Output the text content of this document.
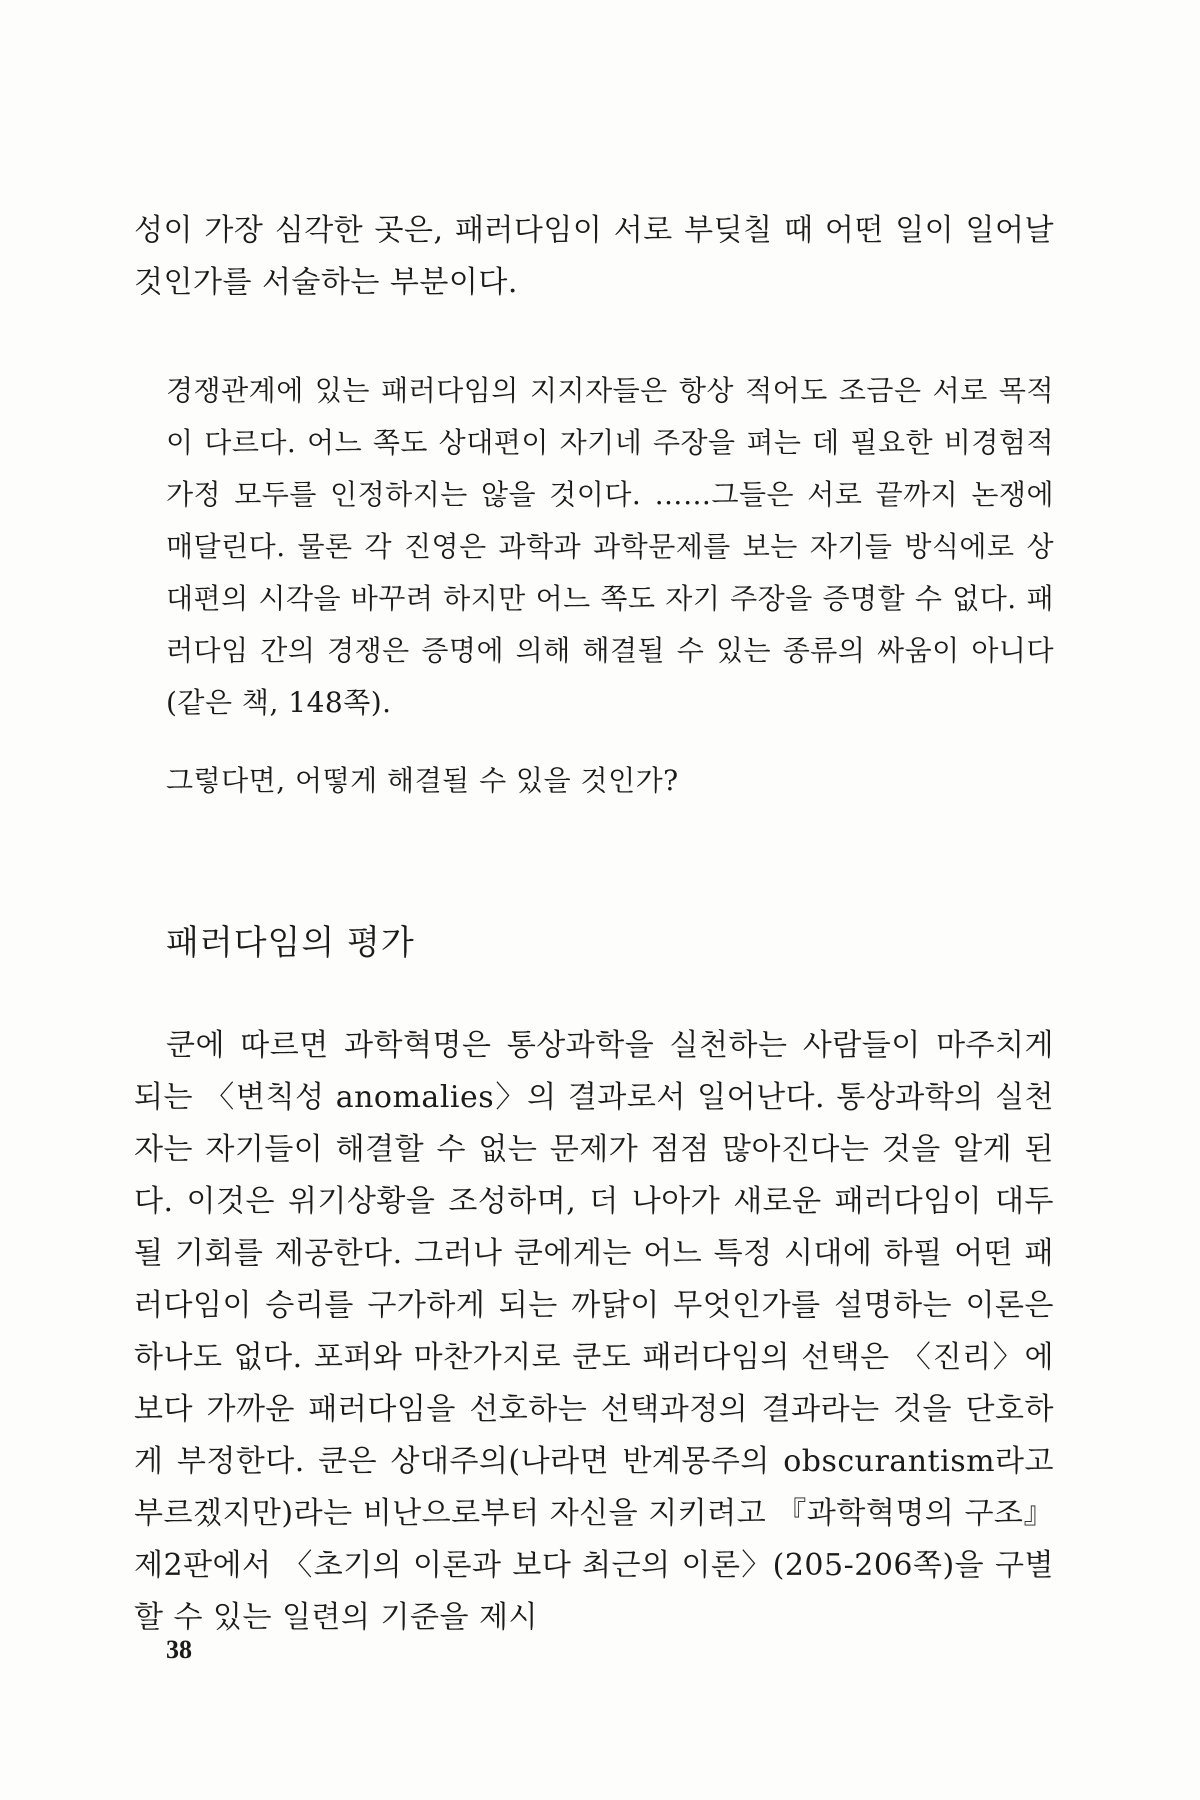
성이 가장 심각한 곳은, 패러다임이 서로 부딪칠 때 어떤 일이 일어날 것인가를 서술하는 부분이다.

경쟁관계에 있는 패러다임의 지지자들은 항상 적어도 조금은 서로 목적이 다르다. 어느 쪽도 상대편이 자기네 주장을 펴는 데 필요한 비경험적 가정 모두를 인정하지는 않을 것이다. ……그들은 서로 끝까지 논쟁에 매달린다. 물론 각 진영은 과학과 과학문제를 보는 자기들 방식에로 상대편의 시각을 바꾸려 하지만 어느 쪽도 자기 주장을 증명할 수 없다. 패러다임 간의 경쟁은 증명에 의해 해결될 수 있는 종류의 싸움이 아니다(같은 책, 148쪽).

그렇다면, 어떻게 해결될 수 있을 것인가?

패러다임의 평가

쿤에 따르면 과학혁명은 통상과학을 실천하는 사람들이 마주치게 되는 〈변칙성 anomalies〉의 결과로서 일어난다. 통상과학의 실천자는 자기들이 해결할 수 없는 문제가 점점 많아진다는 것을 알게 된다. 이것은 위기상황을 조성하며, 더 나아가 새로운 패러다임이 대두될 기회를 제공한다. 그러나 쿤에게는 어느 특정 시대에 하필 어떤 패러다임이 승리를 구가하게 되는 까닭이 무엇인가를 설명하는 이론은 하나도 없다. 포퍼와 마찬가지로 쿤도 패러다임의 선택은 〈진리〉에 보다 가까운 패러다임을 선호하는 선택과정의 결과라는 것을 단호하게 부정한다. 쿤은 상대주의(나라면 반계몽주의 obscurantism라고 부르겠지만)라는 비난으로부터 자신을 지키려고 『과학혁명의 구조』 제2판에서 〈초기의 이론과 보다 최근의 이론〉(205-206쪽)을 구별할 수 있는 일련의 기준을 제시

38
